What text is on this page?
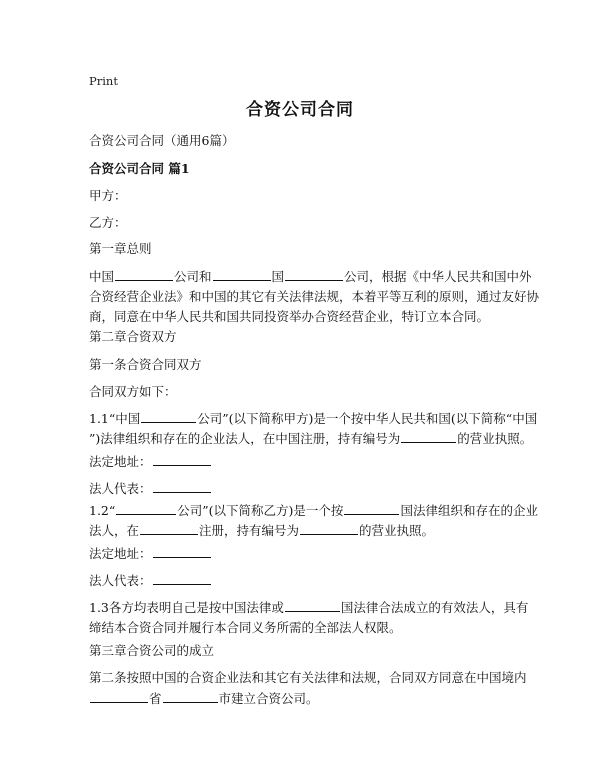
Print
合资公司合同
合资公司合同（通用6篇）
合资公司合同 篇1
甲方：
乙方：
第一章总则
中国	公司和	国	公司，根据《中华人民共和国中外
合资经营企业法》和中国的其它有关法律法规，本着平等互利的原则，通过友好协
商，同意在中华人民共和国共同投资举办合资经营企业，特订立本合同。
第二章合资双方
第一条合资合同双方
合同双方如下：
1.1“中国	公司”(以下简称甲方)是一个按中华人民共和国(以下简称“中国
”)法律组织和存在的企业法人，在中国注册，持有编号为	的营业执照。
法定地址：
法人代表：
1.2“	公司”(以下简称乙方)是一个按	国法律组织和存在的企业
法人，在	注册，持有编号为	的营业执照。
法定地址：
法人代表：
1.3各方均表明自己是按中国法律或	国法律合法成立的有效法人，具有
缔结本合资合同并履行本合同义务所需的全部法人权限。
第三章合资公司的成立
第二条按照中国的合资企业法和其它有关法律和法规，合同双方同意在中国境内
省	市建立合资公司。
